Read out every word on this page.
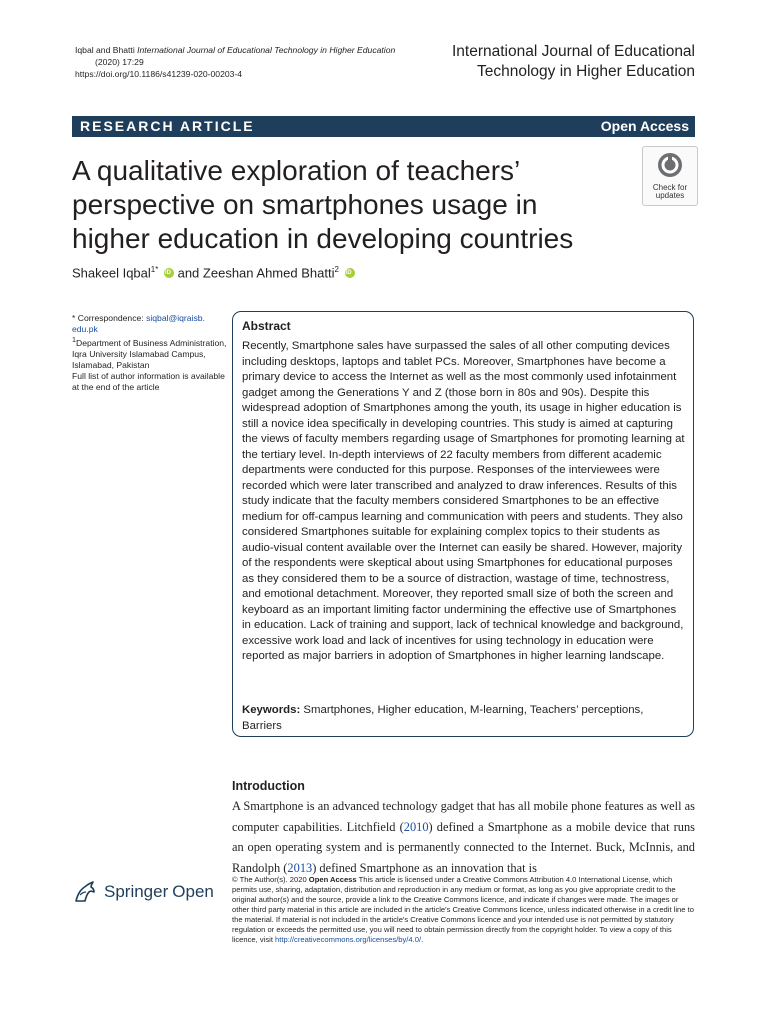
Iqbal and Bhatti International Journal of Educational Technology in Higher Education
(2020) 17:29
https://doi.org/10.1186/s41239-020-00203-4
International Journal of Educational
Technology in Higher Education
RESEARCH ARTICLE	Open Access
A qualitative exploration of teachers’ perspective on smartphones usage in higher education in developing countries
Check for
updates
Shakeel Iqbal$^{1*}$ iD and Zeeshan Ahmed Bhatti$^2$ iD

* Correspondence: siqbal@iqraisb.

edu.pk

$^1$Department of Business Administration, Iqra University Islamabad Campus, Islamabad, Pakistan

Full list of author information is available at the end of the article

Abstract
Recently, Smartphone sales have surpassed the sales of all other computing devices including desktops, laptops and tablet PCs. Moreover, Smartphones have become a primary device to access the Internet as well as the most commonly used infotainment gadget among the Generations Y and Z (those born in 80s and 90s). Despite this widespread adoption of Smartphones among the youth, its usage in higher education is still a novice idea specifically in developing countries. This study is aimed at capturing the views of faculty members regarding usage of Smartphones for promoting learning at the tertiary level. In-depth interviews of 22 faculty members from different academic departments were conducted for this purpose. Responses of the interviewees were recorded which were later transcribed and analyzed to draw inferences. Results of this study indicate that the faculty members considered Smartphones to be an effective medium for off-campus learning and communication with peers and students. They also considered Smartphones suitable for explaining complex topics to their students as audio-visual content available over the Internet can easily be shared. However, majority of the respondents were skeptical about using Smartphones for educational purposes as they considered them to be a source of distraction, wastage of time, technostress, and emotional detachment. Moreover, they reported small size of both the screen and keyboard as an important limiting factor undermining the effective use of Smartphones in education. Lack of training and support, lack of technical knowledge and background, excessive work load and lack of incentives for using technology in education were reported as major barriers in adoption of Smartphones in higher learning landscape.
Keywords: Smartphones, Higher education, M-learning, Teachers’ perceptions, Barriers
Introduction
A Smartphone is an advanced technology gadget that has all mobile phone features as well as computer capabilities. Litchfield (2010) defined a Smartphone as a mobile device that runs an open operating system and is permanently connected to the Internet. Buck, McInnis, and Randolph (2013) defined Smartphone as an innovation that is
Springer Open
© The Author(s). 2020 Open Access This article is licensed under a Creative Commons Attribution 4.0 International License, which permits use, sharing, adaptation, distribution and reproduction in any medium or format, as long as you give appropriate credit to the original author(s) and the source, provide a link to the Creative Commons licence, and indicate if changes were made. The images or other third party material in this article are included in the article's Creative Commons licence, unless indicated otherwise in a credit line to the material. If material is not included in the article's Creative Commons licence and your intended use is not permitted by statutory regulation or exceeds the permitted use, you will need to obtain permission directly from the copyright holder. To view a copy of this licence, visit http://creativecommons.org/licenses/by/4.0/.
